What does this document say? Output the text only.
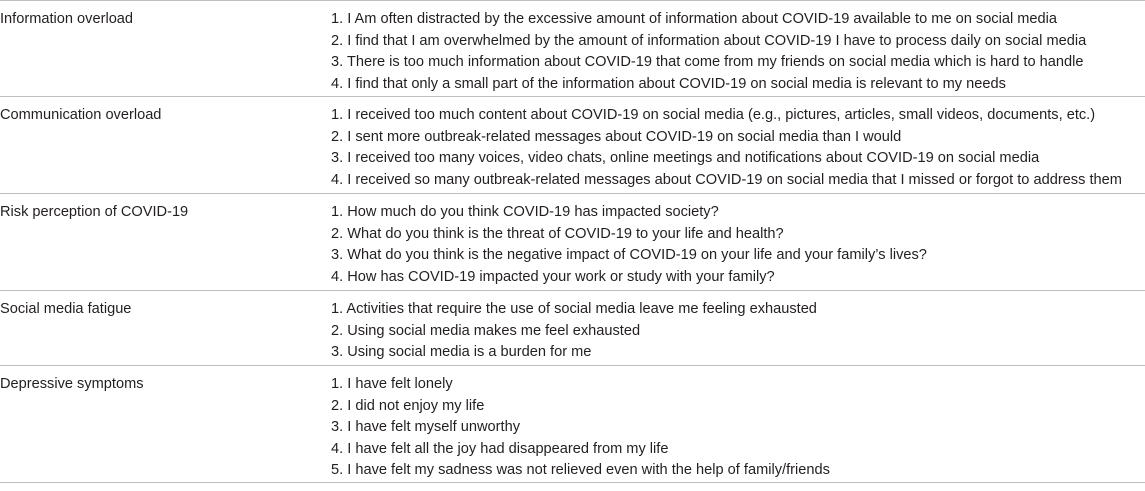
Information overload	1. I Am often distracted by the excessive amount of information about COVID-19 available to me on social media
2. I find that I am overwhelmed by the amount of information about COVID-19 I have to process daily on social media
3. There is too much information about COVID-19 that come from my friends on social media which is hard to handle
4. I find that only a small part of the information about COVID-19 on social media is relevant to my needs
Communication overload	1. I received too much content about COVID-19 on social media (e.g., pictures, articles, small videos, documents, etc.)
2. I sent more outbreak-related messages about COVID-19 on social media than I would
3. I received too many voices, video chats, online meetings and notifications about COVID-19 on social media
4. I received so many outbreak-related messages about COVID-19 on social media that I missed or forgot to address them
Risk perception of COVID-19	1. How much do you think COVID-19 has impacted society?
2. What do you think is the threat of COVID-19 to your life and health?
3. What do you think is the negative impact of COVID-19 on your life and your family’s lives?
4. How has COVID-19 impacted your work or study with your family?
Social media fatigue	1. Activities that require the use of social media leave me feeling exhausted
2. Using social media makes me feel exhausted
3. Using social media is a burden for me
Depressive symptoms	1. I have felt lonely
2. I did not enjoy my life
3. I have felt myself unworthy
4. I have felt all the joy had disappeared from my life
5. I have felt my sadness was not relieved even with the help of family/friends
